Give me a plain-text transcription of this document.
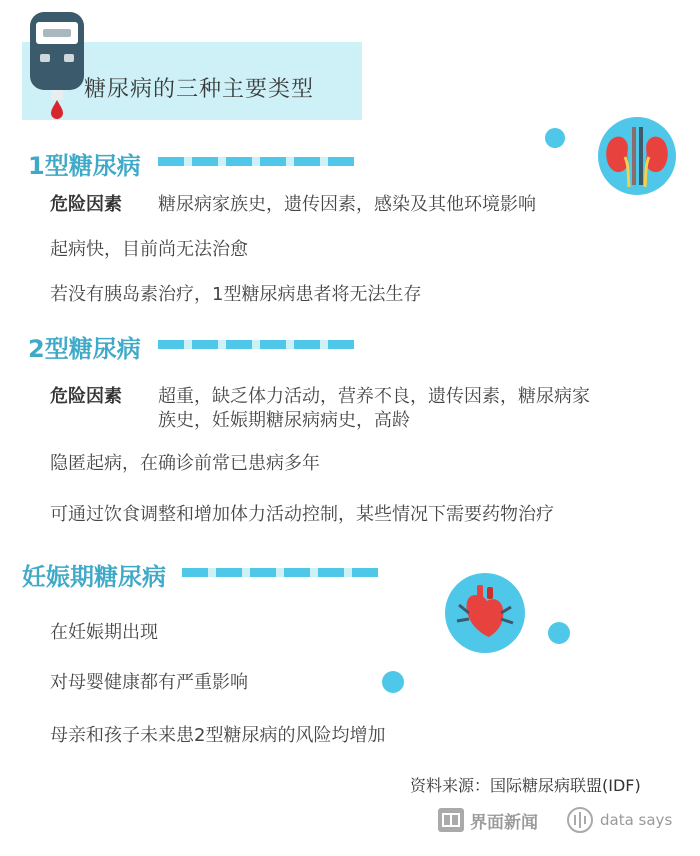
糖尿病的三种主要类型
1型糖尿病
危险因素 糖尿病家族史，遗传因素，感染及其他环境影响
起病快，目前尚无法治愈
若没有胰岛素治疗，1型糖尿病患者将无法生存
2型糖尿病
危险因素 超重，缺乏体力活动，营养不良，遗传因素，糖尿病家
族史，妊娠期糖尿病病史，高龄
隐匿起病，在确诊前常已患病多年
可通过饮食调整和增加体力活动控制，某些情况下需要药物治疗
妊娠期糖尿病
在妊娠期出现
对母婴健康都有严重影响
母亲和孩子未来患2型糖尿病的风险均增加
资料来源：国际糖尿病联盟(IDF)
界面新闻	data says
